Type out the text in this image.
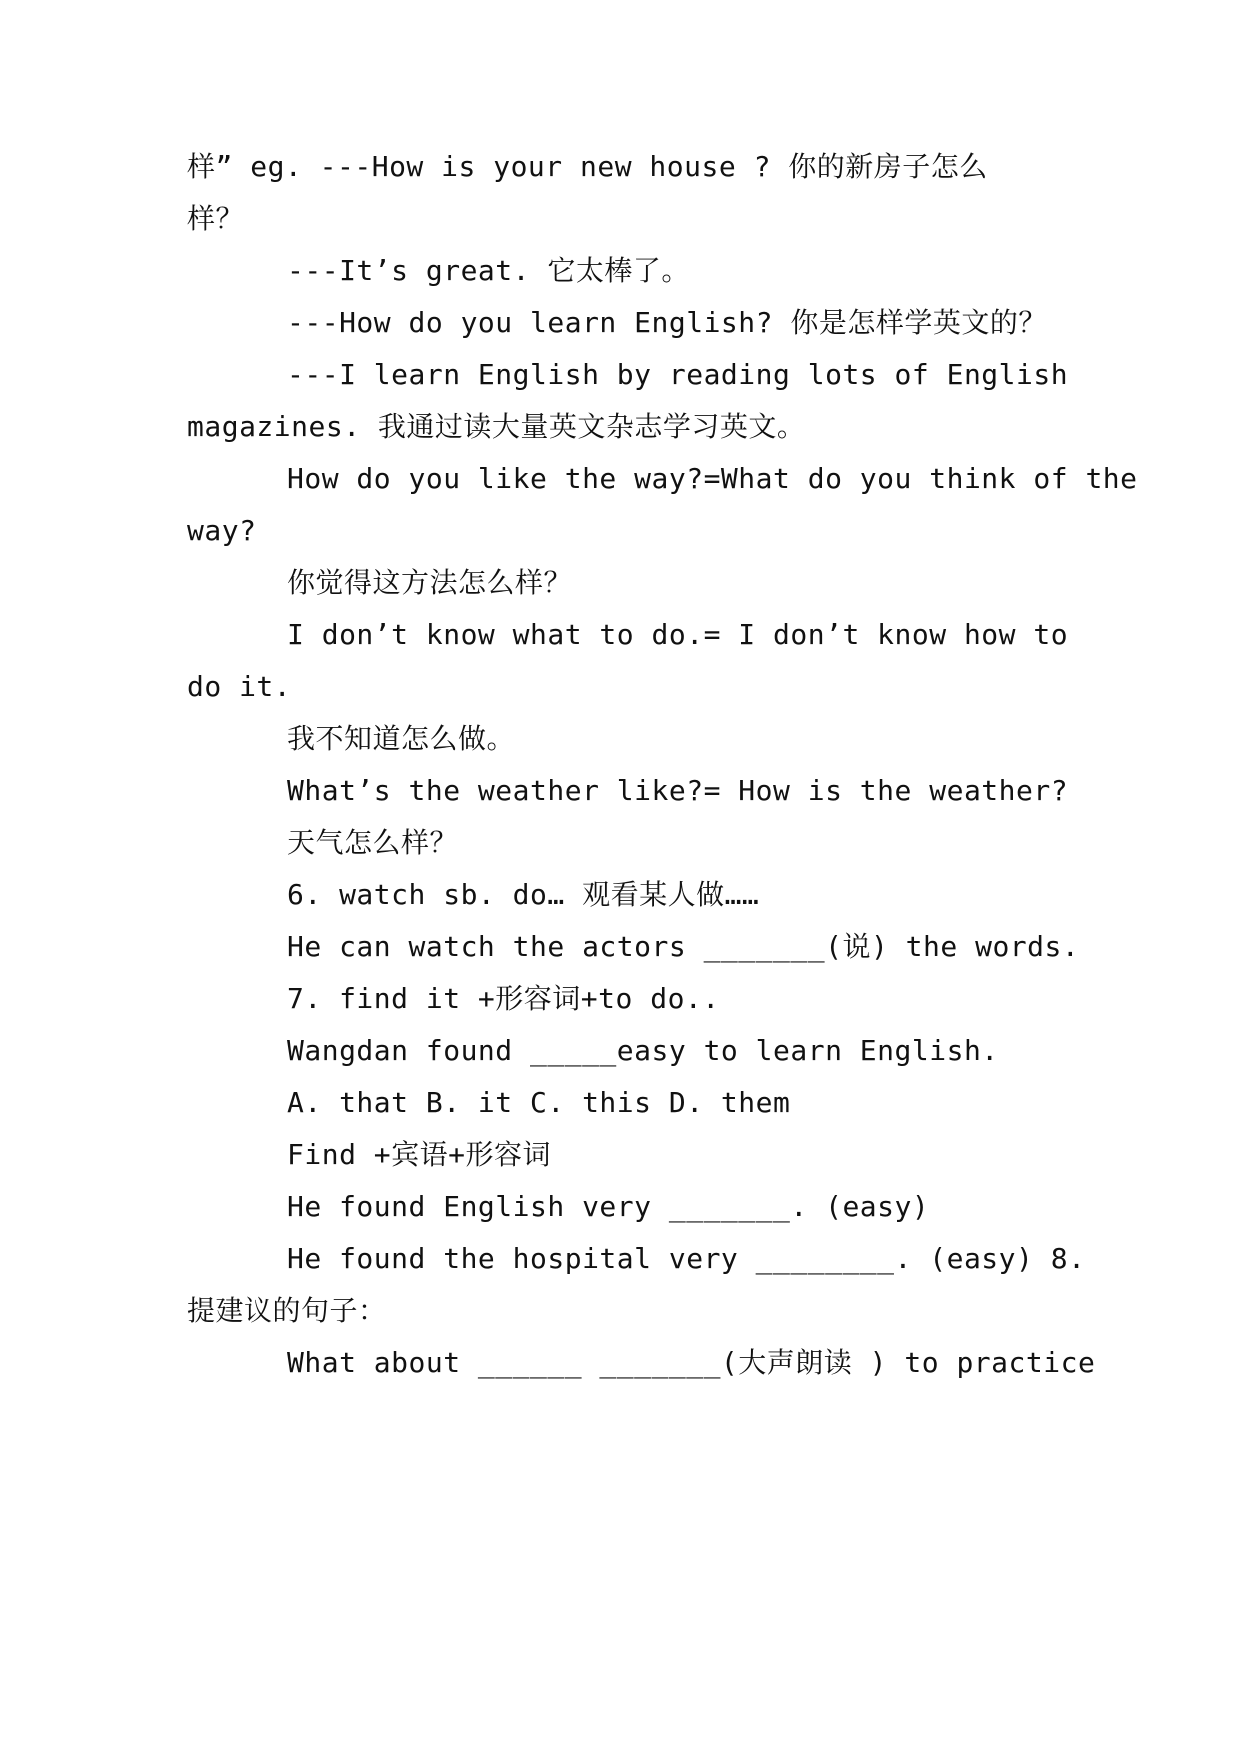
样” eg. ---How is your new house ? 你的新房子怎么
样？
---It’s great. 它太棒了。
---How do you learn English? 你是怎样学英文的？
---I learn English by reading lots of English
magazines. 我通过读大量英文杂志学习英文。
How do you like the way?=What do you think of the
way?
你觉得这方法怎么样？
I don’t know what to do.= I don’t know how to
do it.
我不知道怎么做。
What’s the weather like?= How is the weather?
天气怎么样？
6. watch sb. do… 观看某人做……
He can watch the actors _______(说) the words.
7. find it +形容词+to do..
Wangdan found _____easy to learn English.
A. that B. it C. this D. them
Find +宾语+形容词
He found English very _______. (easy)
He found the hospital very ________. (easy) 8.
提建议的句子：
What about ______ _______(大声朗读 ) to practice
